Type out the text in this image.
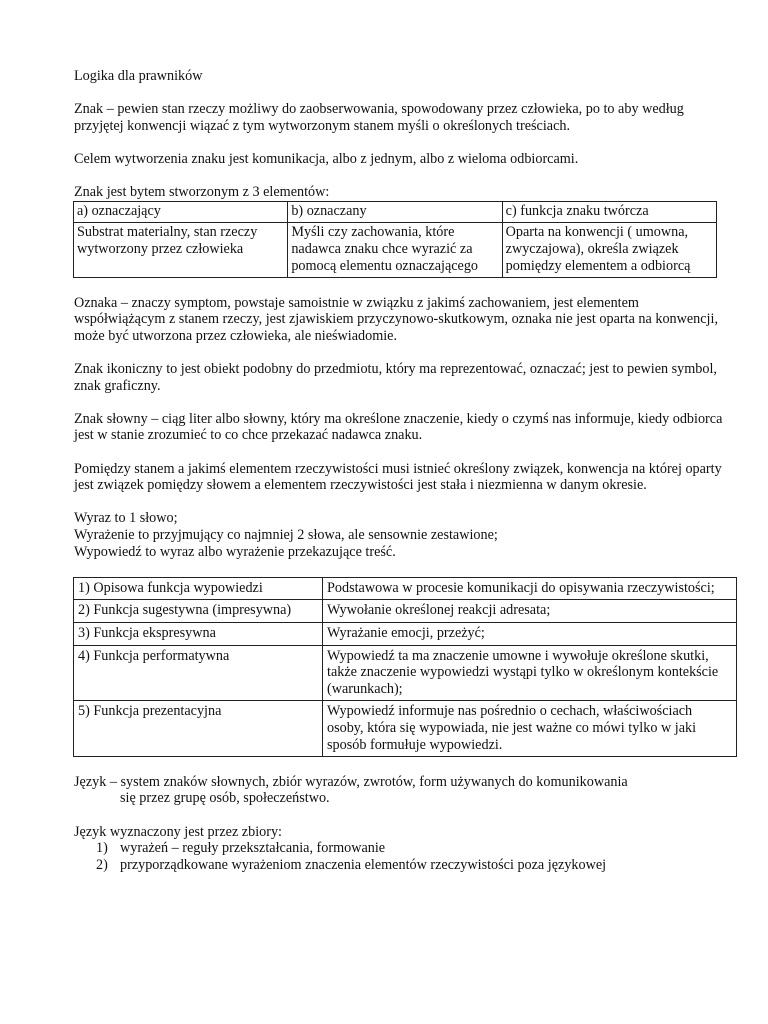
Logika dla prawników

Znak – pewien stan rzeczy możliwy do zaobserwowania, spowodowany przez człowieka, po to aby według przyjętej konwencji wiązać z tym wytworzonym stanem myśli o określonych treściach.

Celem wytworzenia znaku jest komunikacja, albo z jednym, albo z wieloma odbiorcami.

Znak jest bytem stworzonym z 3 elementów:

a) oznaczający	b) oznaczany	c) funkcja znaku twórcza
Substrat materialny, stan rzeczy wytworzony przez człowieka	Myśli czy zachowania, które nadawca znaku chce wyrazić za pomocą elementu oznaczającego	Oparta na konwencji ( umowna, zwyczajowa), określa związek pomiędzy elementem a odbiorcą

Oznaka – znaczy symptom, powstaje samoistnie w związku z jakimś zachowaniem, jest elementem współwiążącym z stanem rzeczy, jest zjawiskiem przyczynowo-skutkowym, oznaka nie jest oparta na konwencji, może być utworzona przez człowieka, ale nieświadomie.

Znak ikoniczny to jest obiekt podobny do przedmiotu, który ma reprezentować, oznaczać; jest to pewien symbol, znak graficzny.

Znak słowny – ciąg liter albo słowny, który ma określone znaczenie, kiedy o czymś nas informuje, kiedy odbiorca jest w stanie zrozumieć to co chce przekazać nadawca znaku.

Pomiędzy stanem a jakimś elementem rzeczywistości musi istnieć określony związek, konwencja na której oparty jest związek pomiędzy słowem a elementem rzeczywistości jest stała i niezmienna w danym okresie.

Wyraz to 1 słowo;

Wyrażenie to przyjmujący co najmniej 2 słowa, ale sensownie zestawione;

Wypowiedź to wyraz albo wyrażenie przekazujące treść.

1) Opisowa funkcja wypowiedzi	Podstawowa w procesie komunikacji do opisywania rzeczywistości;
2) Funkcja sugestywna (impresywna)	Wywołanie określonej reakcji adresata;
3) Funkcja ekspresywna	Wyrażanie emocji, przeżyć;
4) Funkcja performatywna	Wypowiedź ta ma znaczenie umowne i wywołuje określone skutki, także znaczenie wypowiedzi wystąpi tylko w określonym kontekście (warunkach);
5) Funkcja prezentacyjna	Wypowiedź informuje nas pośrednio o cechach, właściwościach osoby, która się wypowiada, nie jest ważne co mówi tylko w jaki sposób formułuje wypowiedzi.

Język – system znaków słownych, zbiór wyrazów, zwrotów, form używanych do komunikowania
się przez grupę osób, społeczeństwo.

Język wyznaczony jest przez zbiory:

1) wyrażeń – reguły przekształcania, formowanie
2) przyporządkowane wyrażeniom znaczenia elementów rzeczywistości poza językowej
